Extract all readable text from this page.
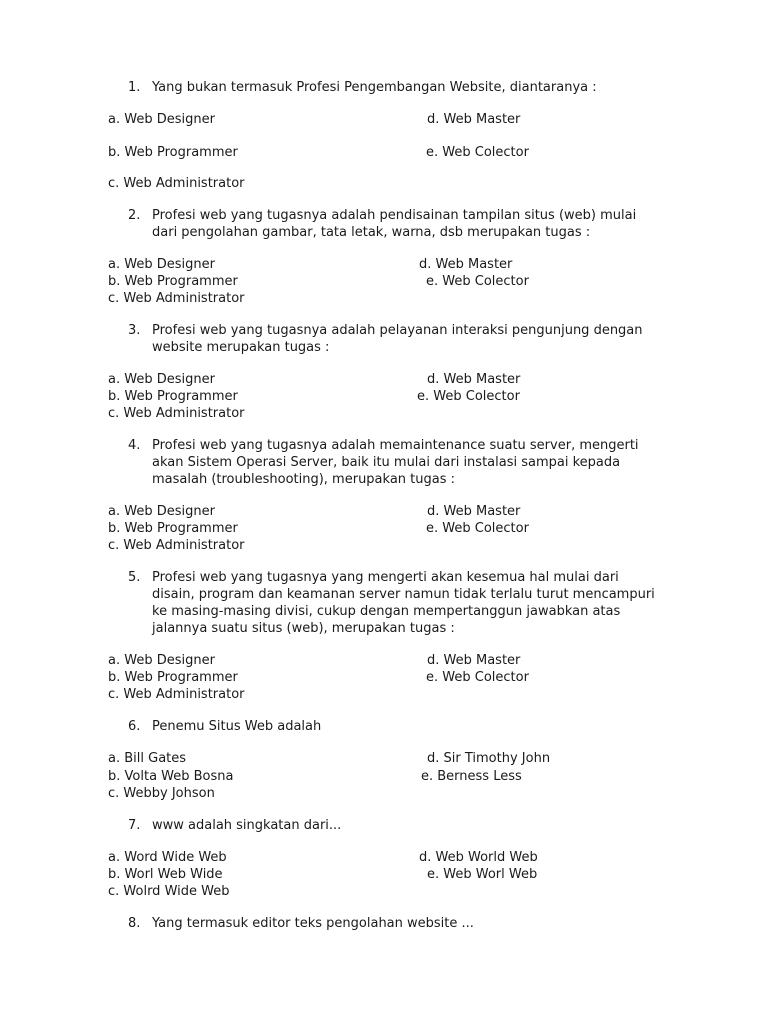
1. Yang bukan termasuk Profesi Pengembangan Website, diantaranya :
a. Web Designer	d. Web Master
b. Web Programmer	e. Web Colector
c. Web Administrator
2. Profesi web yang tugasnya adalah pendisainan tampilan situs (web) mulai
dari pengolahan gambar, tata letak, warna, dsb merupakan tugas :
a. Web Designer	d. Web Master
b. Web Programmer	e. Web Colector
c. Web Administrator
3. Profesi web yang tugasnya adalah pelayanan interaksi pengunjung dengan
website merupakan tugas :
a. Web Designer	d. Web Master
b. Web Programmer	e. Web Colector
c. Web Administrator
4. Profesi web yang tugasnya adalah memaintenance suatu server, mengerti
akan Sistem Operasi Server, baik itu mulai dari instalasi sampai kepada
masalah (troubleshooting), merupakan tugas :
a. Web Designer	d. Web Master
b. Web Programmer	e. Web Colector
c. Web Administrator
5. Profesi web yang tugasnya yang mengerti akan kesemua hal mulai dari
disain, program dan keamanan server namun tidak terlalu turut mencampuri
ke masing-masing divisi, cukup dengan mempertanggun jawabkan atas
jalannya suatu situs (web), merupakan tugas :
a. Web Designer	d. Web Master
b. Web Programmer	e. Web Colector
c. Web Administrator
6. Penemu Situs Web adalah
a. Bill Gates	d. Sir Timothy John
b. Volta Web Bosna	e. Berness Less
c. Webby Johson
7. www adalah singkatan dari...
a. Word Wide Web	d. Web World Web
b. Worl Web Wide	e. Web Worl Web
c. Wolrd Wide Web
8. Yang termasuk editor teks pengolahan website ...
